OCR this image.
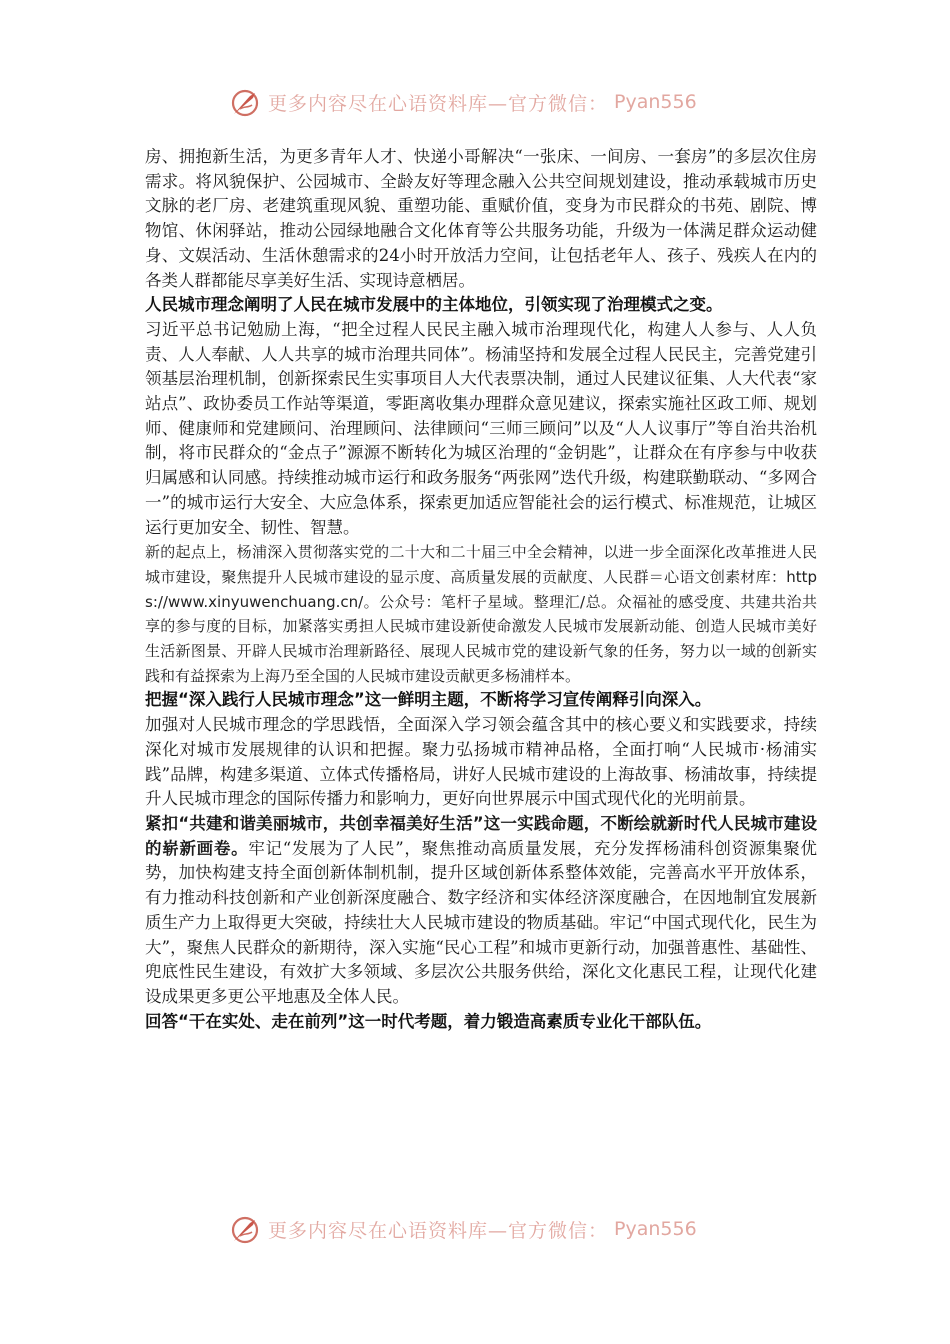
更多内容尽在心语资料库—官方微信： Pyan556

房、拥抱新生活，为更多青年人才、快递小哥解决“一张床、一间房、一套房”的多层次住房需求。将风貌保护、公园城市、全龄友好等理念融入公共空间规划建设，推动承载城市历史文脉的老厂房、老建筑重现风貌、重塑功能、重赋价值，变身为市民群众的书苑、剧院、博物馆、休闲驿站，推动公园绿地融合文化体育等公共服务功能，升级为一体满足群众运动健身、文娱活动、生活休憩需求的24小时开放活力空间，让包括老年人、孩子、残疾人在内的各类人群都能尽享美好生活、实现诗意栖居。

人民城市理念阐明了人民在城市发展中的主体地位，引领实现了治理模式之变。

习近平总书记勉励上海，“把全过程人民民主融入城市治理现代化，构建人人参与、人人负责、人人奉献、人人共享的城市治理共同体”。杨浦坚持和发展全过程人民民主，完善党建引领基层治理机制，创新探索民生实事项目人大代表票决制，通过人民建议征集、人大代表“家站点”、政协委员工作站等渠道，零距离收集办理群众意见建议，探索实施社区政工师、规划师、健康师和党建顾问、治理顾问、法律顾问“三师三顾问”以及“人人议事厅”等自治共治机制，将市民群众的“金点子”源源不断转化为城区治理的“金钥匙”，让群众在有序参与中收获归属感和认同感。持续推动城市运行和政务服务“两张网”迭代升级，构建联勤联动、“多网合一”的城市运行大安全、大应急体系，探索更加适应智能社会的运行模式、标准规范，让城区运行更加安全、韧性、智慧。

新的起点上，杨浦深入贯彻落实党的二十大和二十届三中全会精神，以进一步全面深化改革推进人民城市建设，聚焦提升人民城市建设的显示度、高质量发展的贡献度、人民群＝心语文创素材库：https://www.xinyuwenchuang.cn/。公众号：笔杆子星域。整理汇/总。众福祉的感受度、共建共治共享的参与度的目标，加紧落实勇担人民城市建设新使命激发人民城市发展新动能、创造人民城市美好生活新图景、开辟人民城市治理新路径、展现人民城市党的建设新气象的任务，努力以一域的创新实践和有益探索为上海乃至全国的人民城市建设贡献更多杨浦样本。

把握“深入践行人民城市理念”这一鲜明主题，不断将学习宣传阐释引向深入。

加强对人民城市理念的学思践悟，全面深入学习领会蕴含其中的核心要义和实践要求，持续深化对城市发展规律的认识和把握。聚力弘扬城市精神品格，全面打响“人民城市·杨浦实践”品牌，构建多渠道、立体式传播格局，讲好人民城市建设的上海故事、杨浦故事，持续提升人民城市理念的国际传播力和影响力，更好向世界展示中国式现代化的光明前景。

紧扣“共建和谐美丽城市，共创幸福美好生活”这一实践命题，不断绘就新时代人民城市建设的崭新画卷。牢记“发展为了人民”，聚焦推动高质量发展，充分发挥杨浦科创资源集聚优势，加快构建支持全面创新体制机制，提升区域创新体系整体效能，完善高水平开放体系，有力推动科技创新和产业创新深度融合、数字经济和实体经济深度融合，在因地制宜发展新质生产力上取得更大突破，持续壮大人民城市建设的物质基础。牢记“中国式现代化，民生为大”，聚焦人民群众的新期待，深入实施“民心工程”和城市更新行动，加强普惠性、基础性、兜底性民生建设，有效扩大多领域、多层次公共服务供给，深化文化惠民工程，让现代化建设成果更多更公平地惠及全体人民。

回答“干在实处、走在前列”这一时代考题，着力锻造高素质专业化干部队伍。

更多内容尽在心语资料库—官方微信： Pyan556
